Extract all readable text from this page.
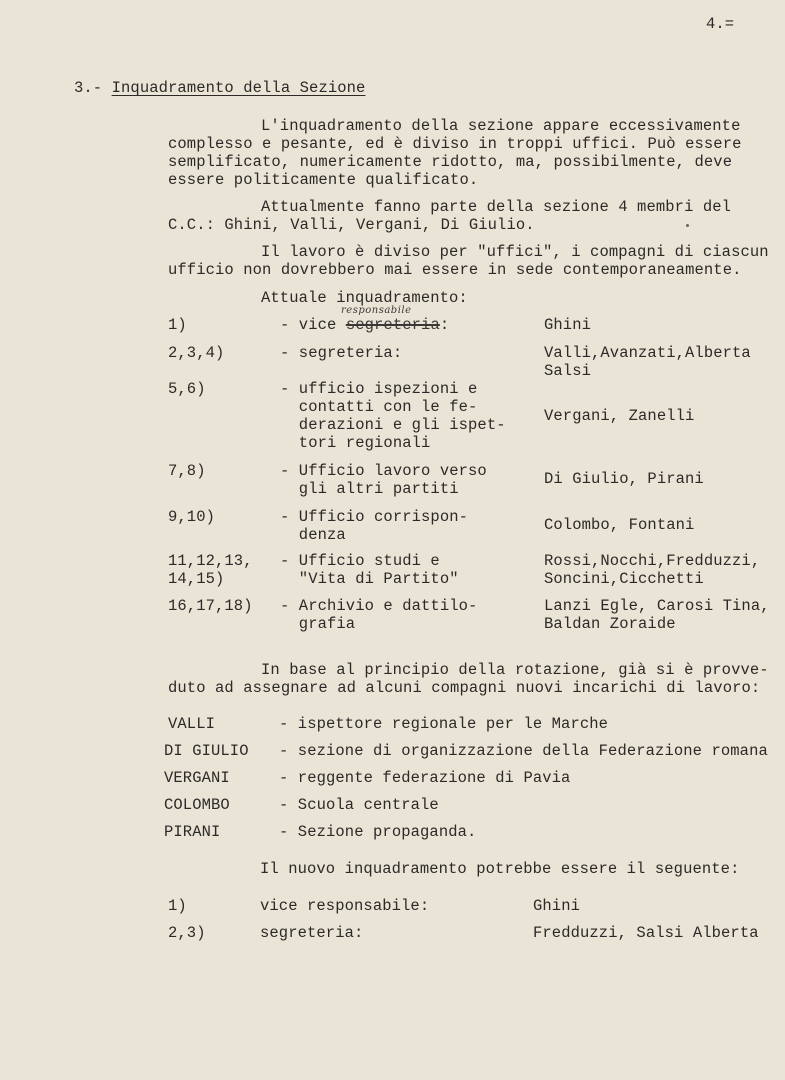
4.=
3.- Inquadramento della Sezione
L'inquadramento della sezione appare eccessivamente
complesso e pesante, ed è diviso in troppi uffici. Può essere
semplificato, numericamente ridotto, ma, possibilmente, deve
essere politicamente qualificato.
Attualmente fanno parte della sezione 4 membri del
C.C.: Ghini, Valli, Vergani, Di Giulio.
Il lavoro è diviso per "uffici", i compagni di ciascun
ufficio non dovrebbero mai essere in sede contemporaneamente.
Attuale inquadramento:
responsabile
1)	- vice segreteria:	Ghini
2,3,4)	- segreteria:	Valli,Avanzati,Alberta
Salsi
5,6)	- ufficio ispezioni e
contatti con le fe-
derazioni e gli ispet-
tori regionali
Vergani, Zanelli
7,8)	- Ufficio lavoro verso
gli altri partiti
Di Giulio, Pirani
9,10)	- Ufficio corrispon-
denza
Colombo, Fontani
11,12,13,
14,15)
- Ufficio studi e
"Vita di Partito"
Rossi,Nocchi,Fredduzzi,
Soncini,Cicchetti
16,17,18) - Archivio e dattilo-
grafia
Lanzi Egle, Carosi Tina,
Baldan Zoraide
In base al principio della rotazione, già si è provve-
duto ad assegnare ad alcuni compagni nuovi incarichi di lavoro:
VALLI	- ispettore regionale per le Marche
DI GIULIO - sezione di organizzazione della Federazione romana
VERGANI	- reggente federazione di Pavia
COLOMBO	- Scuola centrale
PIRANI	- Sezione propaganda.
Il nuovo inquadramento potrebbe essere il seguente:
1)	vice responsabile:	Ghini
2,3)	segreteria:	Fredduzzi, Salsi Alberta
